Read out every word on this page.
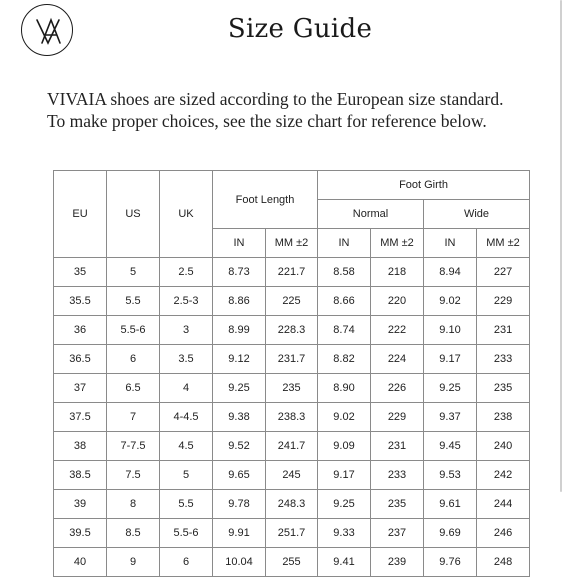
Size Guide

VIVAIA shoes are sized according to the European size standard.

To make proper choices, see the size chart for reference below.

EU	US	UK	Foot Length		Foot Girth			
					Normal		Wide	
			IN	MM ±2	IN	MM ±2	IN	MM ±2
35	5	2.5	8.73	221.7	8.58	218	8.94	227
35.5	5.5	2.5-3	8.86	225	8.66	220	9.02	229
36	5.5-6	3	8.99	228.3	8.74	222	9.10	231
36.5	6	3.5	9.12	231.7	8.82	224	9.17	233
37	6.5	4	9.25	235	8.90	226	9.25	235
37.5	7	4-4.5	9.38	238.3	9.02	229	9.37	238
38	7-7.5	4.5	9.52	241.7	9.09	231	9.45	240
38.5	7.5	5	9.65	245	9.17	233	9.53	242
39	8	5.5	9.78	248.3	9.25	235	9.61	244
39.5	8.5	5.5-6	9.91	251.7	9.33	237	9.69	246
40	9	6	10.04	255	9.41	239	9.76	248
